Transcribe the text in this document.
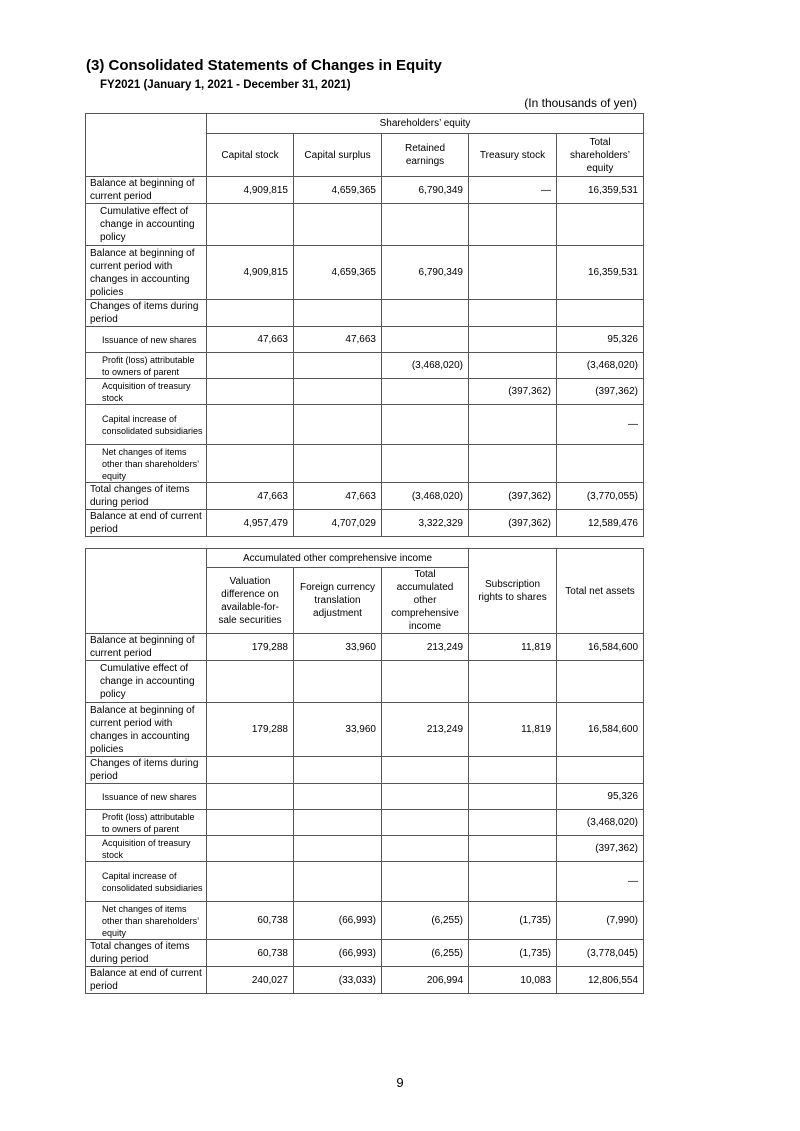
(3) Consolidated Statements of Changes in Equity
FY2021 (January 1, 2021 - December 31, 2021)
(In thousands of yen)
	Shareholders’ equity				
	Capital stock	Capital surplus	Retained earnings	Treasury stock	Total shareholders’ equity
Balance at beginning of current period	4,909,815	4,659,365	6,790,349	—	16,359,531
Cumulative effect of change in accounting policy					
Balance at beginning of current period with changes in accounting policies	4,909,815	4,659,365	6,790,349		16,359,531
Changes of items during period					
Issuance of new shares	47,663	47,663			95,326
Profit (loss) attributable to owners of parent			(3,468,020)		(3,468,020)
Acquisition of treasury stock				(397,362)	(397,362)
Capital increase of consolidated subsidiaries					—
Net changes of items other than shareholders’ equity					
Total changes of items during period	47,663	47,663	(3,468,020)	(397,362)	(3,770,055)
Balance at end of current period	4,957,479	4,707,029	3,322,329	(397,362)	12,589,476
	Accumulated other comprehensive income			Subscription rights to shares	Total net assets
	Valuation difference on available-for-sale securities	Foreign currency translation adjustment	Total accumulated other comprehensive income		
Balance at beginning of current period	179,288	33,960	213,249	11,819	16,584,600
Cumulative effect of change in accounting policy					
Balance at beginning of current period with changes in accounting policies	179,288	33,960	213,249	11,819	16,584,600
Changes of items during period					
Issuance of new shares					95,326
Profit (loss) attributable to owners of parent					(3,468,020)
Acquisition of treasury stock					(397,362)
Capital increase of consolidated subsidiaries					—
Net changes of items other than shareholders’ equity	60,738	(66,993)	(6,255)	(1,735)	(7,990)
Total changes of items during period	60,738	(66,993)	(6,255)	(1,735)	(3,778,045)
Balance at end of current period	240,027	(33,033)	206,994	10,083	12,806,554
9
